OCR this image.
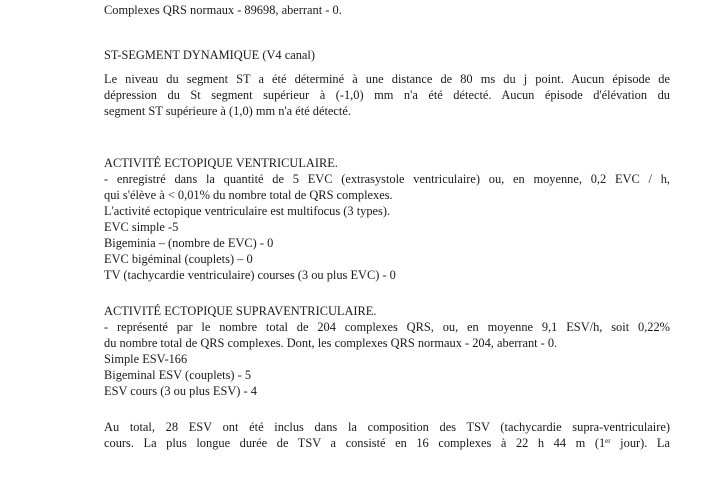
Complexes QRS normaux - 89698, aberrant - 0.
ST-SEGMENT DYNAMIQUE (V4 canal)
Le niveau du segment ST a été déterminé à une distance de 80 ms du j point. Aucun épisode de
dépression du St segment supérieur à (-1,0) mm n'a été détecté. Aucun épisode d'élévation du
segment ST supérieure à (1,0) mm n'a été détecté.
ACTIVITÉ ECTOPIQUE VENTRICULAIRE.
- enregistré dans la quantité de 5 EVC (extrasystole ventriculaire) ou, en moyenne, 0,2 EVC / h,
qui s'élève à < 0,01% du nombre total de QRS complexes.
L'activité ectopique ventriculaire est multifocus (3 types).
EVC simple -5
Bigeminia – (nombre de EVC) - 0
EVC bigéminal (couplets) – 0
TV (tachycardie ventriculaire) courses (3 ou plus EVC) - 0
ACTIVITÉ ECTOPIQUE SUPRAVENTRICULAIRE.
- représenté par le nombre total de 204 complexes QRS, ou, en moyenne 9,1 ESV/h, soit 0,22%
du nombre total de QRS complexes. Dont, les complexes QRS normaux - 204, aberrant - 0.
Simple ESV-166
Bigeminal ESV (couplets) - 5
ESV cours (3 ou plus ESV) - 4
Au total, 28 ESV ont été inclus dans la composition des TSV (tachycardie supra-ventriculaire)
cours. La plus longue durée de TSV a consisté en 16 complexes à 22 h 44 m (1er jour). La
